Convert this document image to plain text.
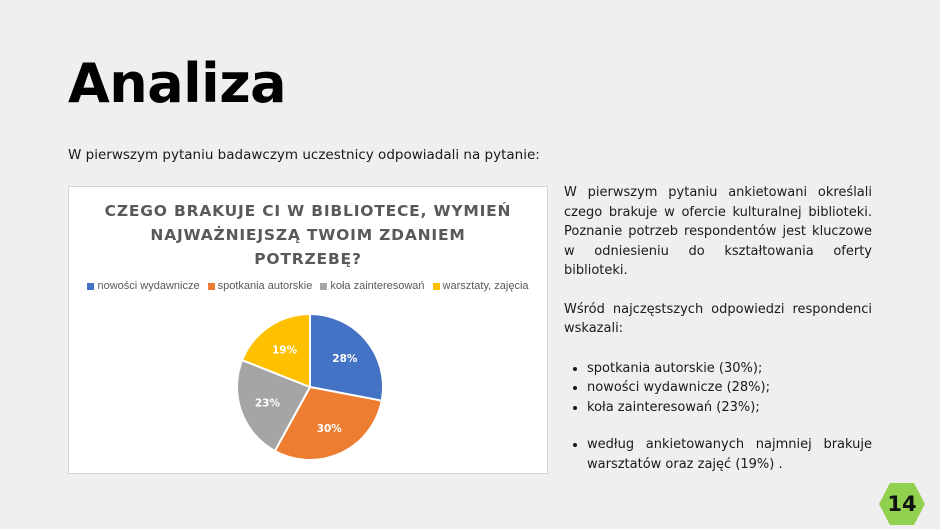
Analiza
W pierwszym pytaniu badawczym uczestnicy odpowiadali na pytanie:
CZEGO BRAKUJE CI W BIBLIOTECE, WYMIEŃ
NAJWAŻNIEJSZĄ TWOIM ZDANIEM
POTRZEBĘ?
nowości wydawnicze spotkania autorskie koła zainteresowań warsztaty, zajęcia
28%
30%
23%
19%

W pierwszym pytaniu ankietowani określali czego brakuje w ofercie kulturalnej biblioteki. Poznanie potrzeb respondentów jest kluczowe w odniesieniu do kształtowania oferty biblioteki.

Wśród najczęstszych odpowiedzi respondenci wskazali:

• spotkania autorskie (30%);
• nowości wydawnicze (28%);
• koła zainteresowań (23%);
• według ankietowanych najmniej brakuje warsztatów oraz zajęć (19%) .
14
